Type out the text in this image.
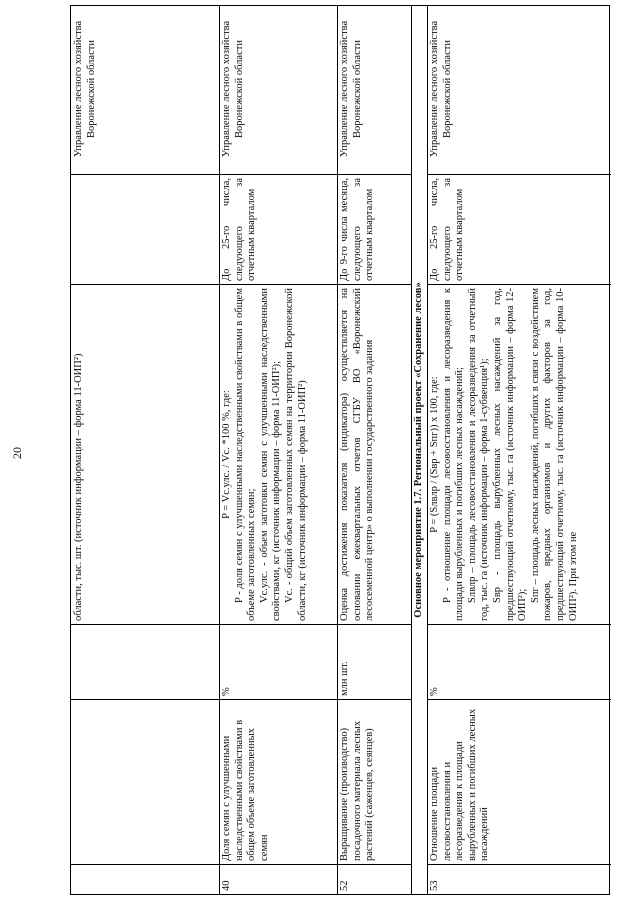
20	области, тыс. шт. (источник информации – форма 11-ОИП²)
Управление лесного хозяйства Воронежской области
40
Доля семян с улучшенными наследственными свойствами в общем объеме заготовленных семян
%
P = Vc.улс. / Vc. *100 %, где: P - доля семян с улучшенными наследственными свойствами в общем объеме заготовленных семян; Vc.улс. - объем заготовки семян с улучшенными наследственными свойствами, кг (источник информации – форма 11-ОИП²); Vc. - общий объем заготовленных семян на территории Воронежской области, кг (источник информации – форма 11-ОИП²)
До 25-го числа, следующего за отчетным кварталом
Управление лесного хозяйства Воронежской области
52
Выращивание (производство) посадочного материала лесных растений (саженцев, сеянцев)
млн шт.
Оценка достижения показателя (индикатора) осуществляется на основании ежеквартальных отчетов СГБУ ВО «Воронежский лесосеменной центр» о выполнении государственного задания
До 9-го числа месяца, следующего за отчетным кварталом
Управление лесного хозяйства Воронежской области
Основное мероприятие 1.7. Региональный проект «Сохранение лесов»
53
Отношение площади лесовосстановления и лесоразведения к площади вырубленных и погибших лесных насаждений
%
P = (Sлвлр / (Sвр + Sпг)) x 100, где: P - отношение площади лесовосстановления и лесоразведения к площади вырубленных и погибших лесных насаждений; Sлвлр – площадь лесовосстановления и лесоразведения за отчетный год, тыс. га (источник информации – форма 1-субвенция¹); Sвр - площадь вырубленных лесных насаждений за год, предшествующий отчетному, тыс. га (источник информации – форма 12-ОИП²);
Sпг – площадь лесных насаждений, погибших в связи с воздействием пожаров, вредных организмов и других факторов за год, предшествующий отчетному, тыс. га (источник информации – форма 10-ОИП²). При этом не
До 25-го числа, следующего за отчетным кварталом
Управление лесного хозяйства Воронежской области
